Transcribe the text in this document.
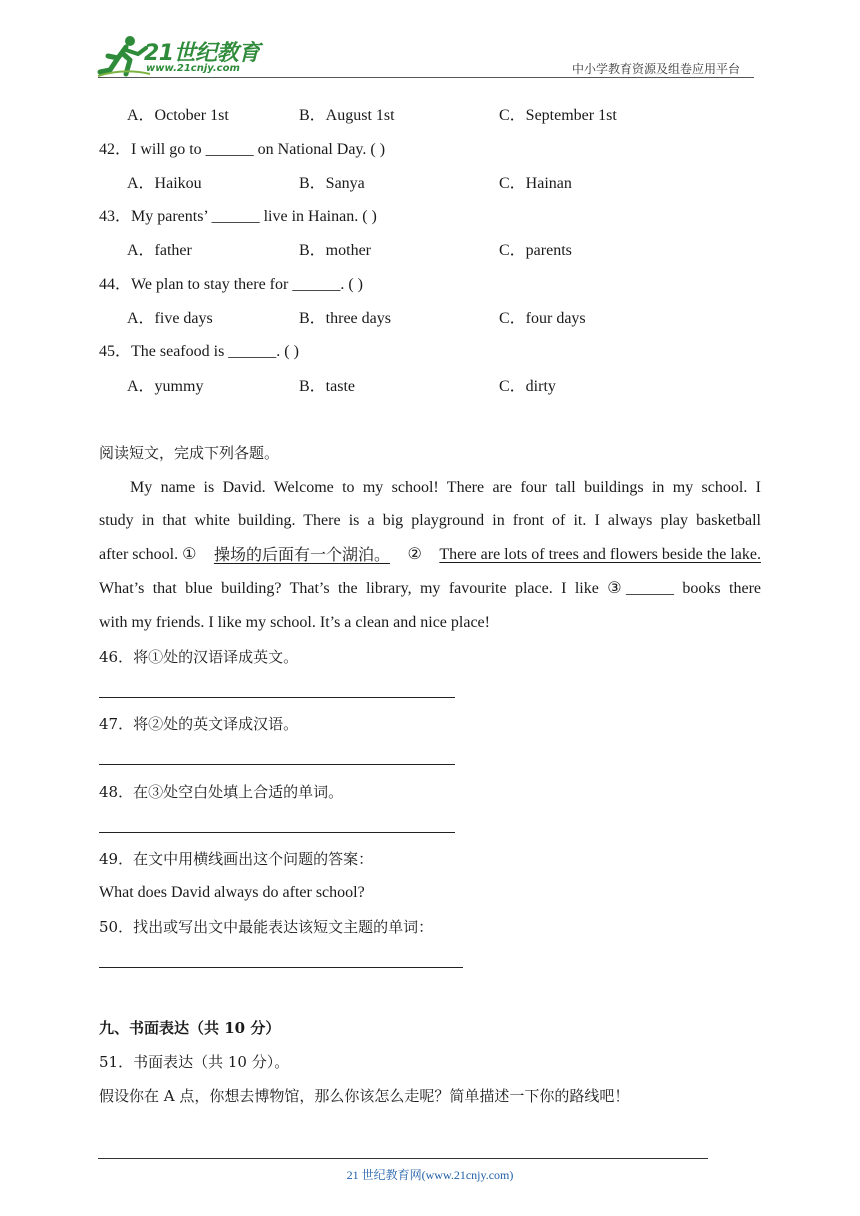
21世纪教育
www.21cnjy.com	中小学教育资源及组卷应用平台
A．October 1st	B．August 1st	C．September 1st
42．I will go to ______ on National Day. ( )
A．Haikou	B．Sanya	C．Hainan
43．My parents’ ______ live in Hainan. ( )
A．father	B．mother	C．parents
44．We plan to stay there for ______. ( )
A．five days	B．three days	C．four days
45．The seafood is ______. ( )
A．yummy	B．taste	C．dirty
阅读短文，完成下列各题。
My name is David. Welcome to my school! There are four tall buildings in my school. I
study in that white building. There is a big playground in front of it. I always play basketball
after school. ① 操场的后面有一个湖泊。 ② There are lots of trees and flowers beside the lake.
What’s that blue building? That’s the library, my favourite place. I like ③______ books there
with my friends. I like my school. It’s a clean and nice place!
46．将①处的汉语译成英文。
47．将②处的英文译成汉语。
48．在③处空白处填上合适的单词。
49．在文中用横线画出这个问题的答案：
What does David always do after school?
50．找出或写出文中最能表达该短文主题的单词：
九、书面表达（共 10 分）
51．书面表达（共 10 分）。
假设你在 A 点，你想去博物馆，那么你该怎么走呢？简单描述一下你的路线吧！
21 世纪教育网(www.21cnjy.com)
